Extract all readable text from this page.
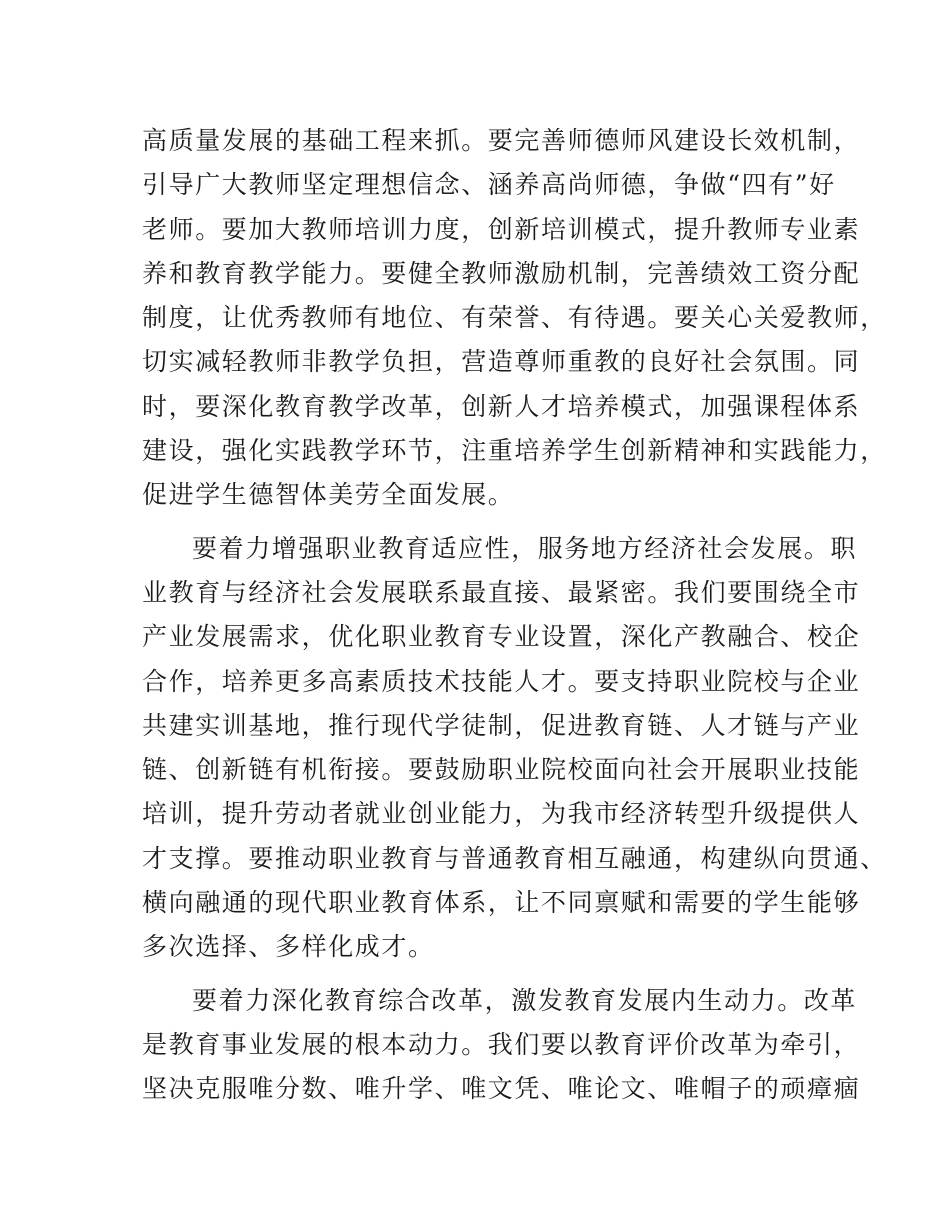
高质量发展的基础工程来抓。要完善师德师风建设长效机制，
引导广大教师坚定理想信念、涵养高尚师德，争做“四有”好
老师。要加大教师培训力度，创新培训模式，提升教师专业素
养和教育教学能力。要健全教师激励机制，完善绩效工资分配
制度，让优秀教师有地位、有荣誉、有待遇。要关心关爱教师，
切实减轻教师非教学负担，营造尊师重教的良好社会氛围。同
时，要深化教育教学改革，创新人才培养模式，加强课程体系
建设，强化实践教学环节，注重培养学生创新精神和实践能力，
促进学生德智体美劳全面发展。
要着力增强职业教育适应性，服务地方经济社会发展。职
业教育与经济社会发展联系最直接、最紧密。我们要围绕全市
产业发展需求，优化职业教育专业设置，深化产教融合、校企
合作，培养更多高素质技术技能人才。要支持职业院校与企业
共建实训基地，推行现代学徒制，促进教育链、人才链与产业
链、创新链有机衔接。要鼓励职业院校面向社会开展职业技能
培训，提升劳动者就业创业能力，为我市经济转型升级提供人
才支撑。要推动职业教育与普通教育相互融通，构建纵向贯通、
横向融通的现代职业教育体系，让不同禀赋和需要的学生能够
多次选择、多样化成才。
要着力深化教育综合改革，激发教育发展内生动力。改革
是教育事业发展的根本动力。我们要以教育评价改革为牵引，
坚决克服唯分数、唯升学、唯文凭、唯论文、唯帽子的顽瘴痼
